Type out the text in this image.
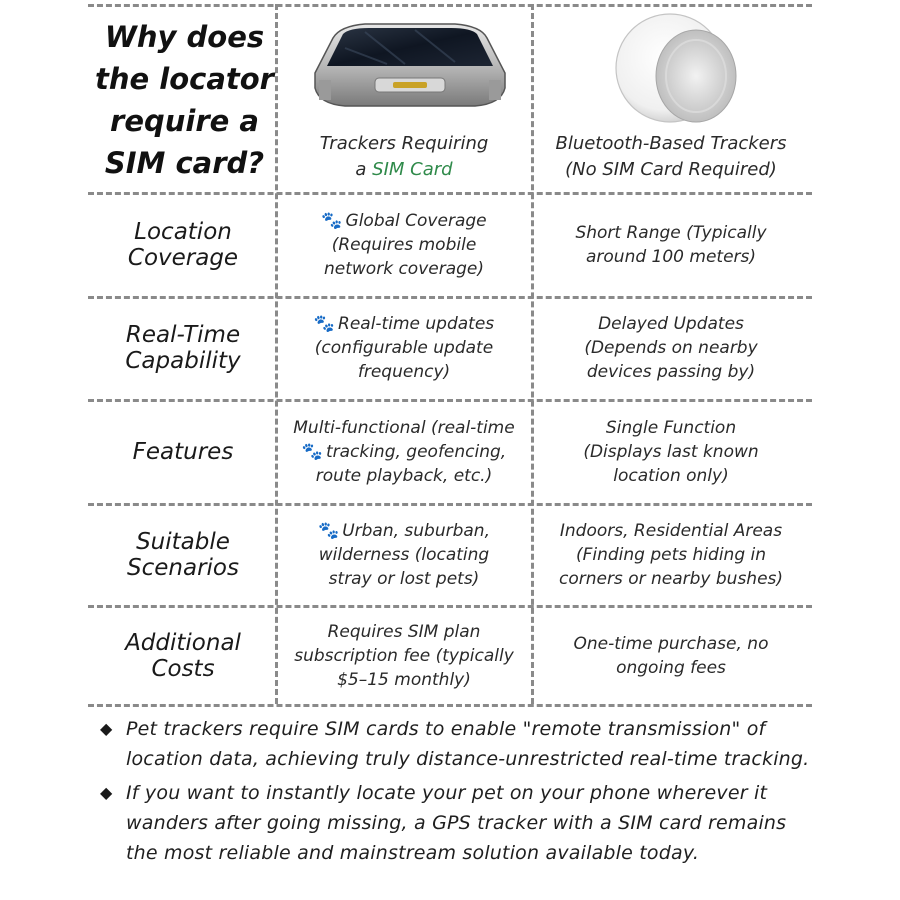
Why does the locator require a SIM card?
Trackers Requiring
a SIM Card
Bluetooth-Based Trackers
(No SIM Card Required)
Location
Coverage
🐾 Global Coverage
(Requires mobile
network coverage)
Short Range (Typically
around 100 meters)
Real-Time
Capability
🐾 Real-time updates
(configurable update
frequency)
Delayed Updates
(Depends on nearby
devices passing by)
Features
Multi-functional (real-time
🐾 tracking, geofencing,
route playback, etc.)
Single Function
(Displays last known
location only)
Suitable
Scenarios
🐾 Urban, suburban,
wilderness (locating
stray or lost pets)
Indoors, Residential Areas
(Finding pets hiding in
corners or nearby bushes)
Additional
Costs
Requires SIM plan
subscription fee (typically
$5–15 monthly)
One-time purchase, no
ongoing fees
◆ Pet trackers require SIM cards to enable "remote transmission" of location data, achieving truly distance-unrestricted real-time tracking.
◆ If you want to instantly locate your pet on your phone wherever it wanders after going missing, a GPS tracker with a SIM card remains the most reliable and mainstream solution available today.
